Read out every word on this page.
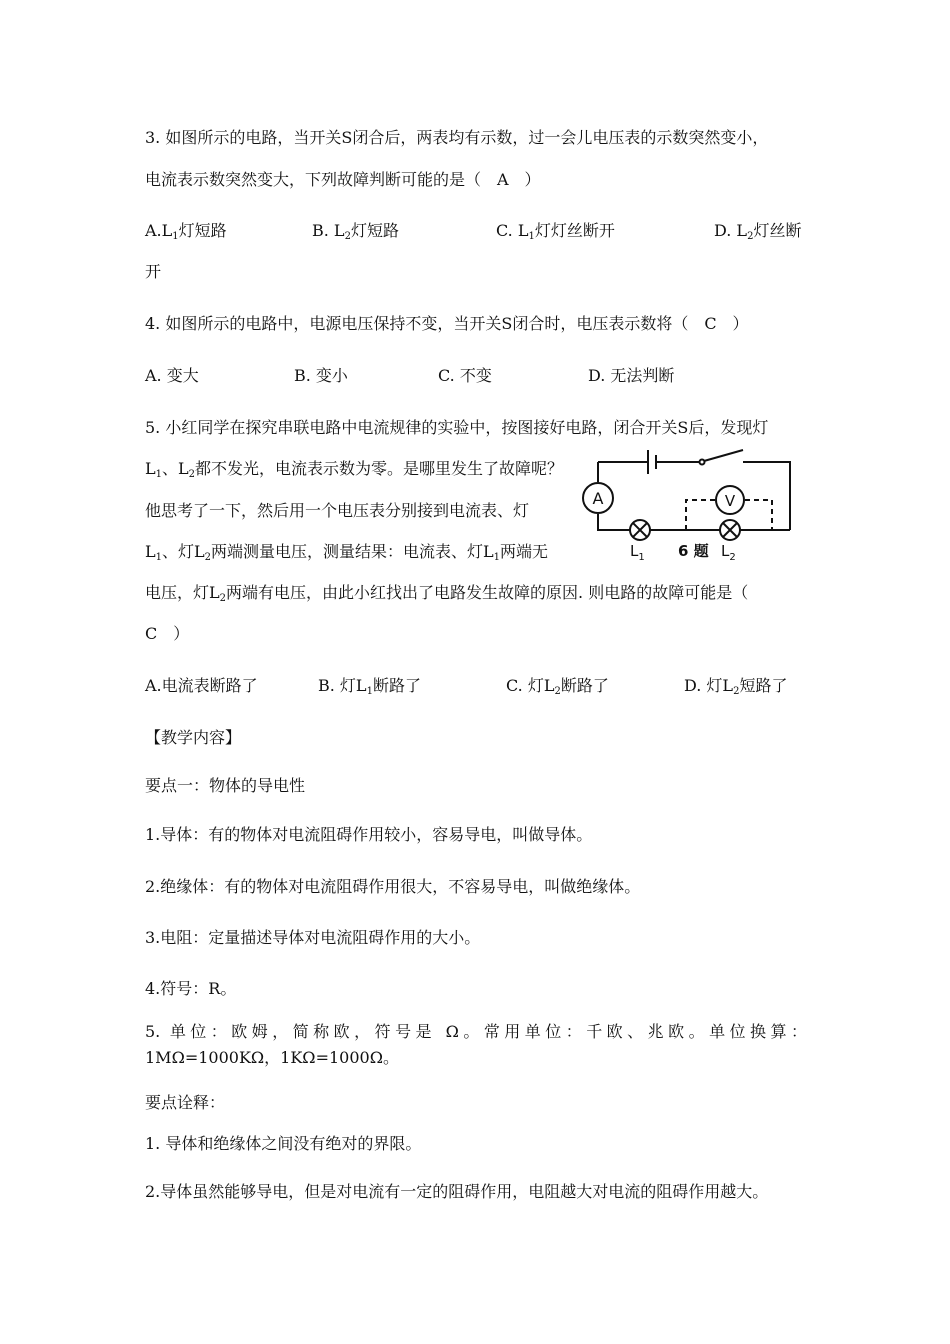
3. 如图所示的电路，当开关S闭合后，两表均有示数，过一会儿电压表的示数突然变小，
电流表示数突然变大，下列故障判断可能的是（　A　）
$A.L_1$灯短路	B. $L_2$灯短路	C. $L_1$灯灯丝断开	D. $L_2$灯丝断
开
4. 如图所示的电路中，电源电压保持不变，当开关S闭合时，电压表示数将（　C　）
A. 变大	B. 变小	C. 不变	D. 无法判断
5. 小红同学在探究串联电路中电流规律的实验中，按图接好电路，闭合开关S后，发现灯
$L_1$、$L_2$都不发光，电流表示数为零。是哪里发生了故障呢？
他思考了一下，然后用一个电压表分别接到电流表、灯
$L_1$、灯$L_2$两端测量电压，测量结果：电流表、灯$L_1$两端无
电压，灯$L_2$两端有电压，由此小红找出了电路发生故障的原因. 则电路的故障可能是（
C　）
A.电流表断路了	B. 灯$L_1$断路了	C. 灯$L_2$断路了	D. 灯$L_2$短路了
A	V
$L_1$ 6 题 $L_2$
【教学内容】
要点一：物体的导电性
1.导体：有的物体对电流阻碍作用较小，容易导电，叫做导体。
2.绝缘体：有的物体对电流阻碍作用很大，不容易导电，叫做绝缘体。
3.电阻：定量描述导体对电流阻碍作用的大小。
4.符号：R。
5. 单位：欧姆，简称欧，符号是 Ω。常用单位：千欧、兆欧。单位换算：
1MΩ=1000KΩ，1KΩ=1000Ω。
要点诠释：
1. 导体和绝缘体之间没有绝对的界限。
2.导体虽然能够导电，但是对电流有一定的阻碍作用，电阻越大对电流的阻碍作用越大。
